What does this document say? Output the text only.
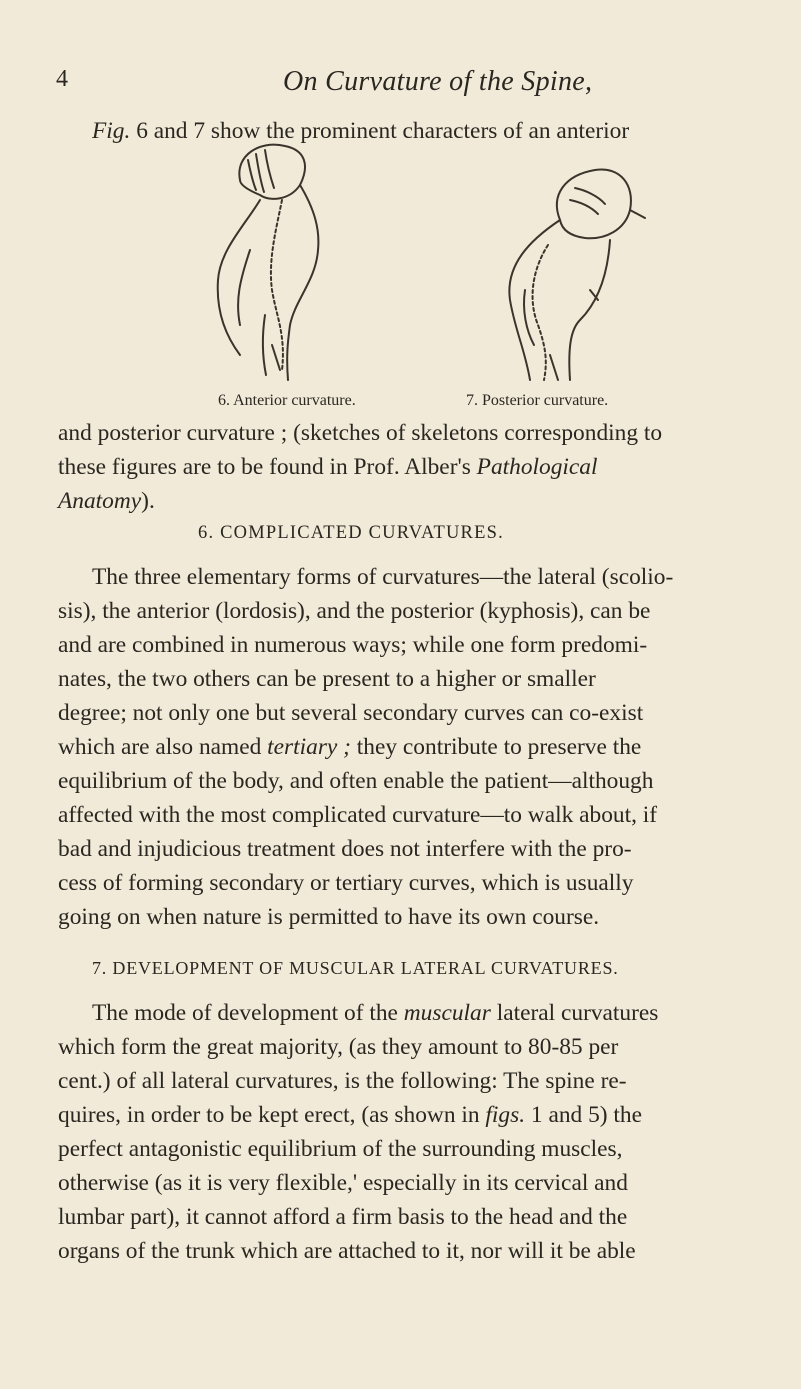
4	On Curvature of the Spine,
Fig. 6 and 7 show the prominent characters of an anterior
6. Anterior curvature.	7. Posterior curvature.
and posterior curvature ; (sketches of skeletons corresponding to
these figures are to be found in Prof. Alber's Pathological
Anatomy).
6. COMPLICATED CURVATURES.
The three elementary forms of curvatures—the lateral (scolio-
sis), the anterior (lordosis), and the posterior (kyphosis), can be
and are combined in numerous ways; while one form predomi-
nates, the two others can be present to a higher or smaller
degree; not only one but several secondary curves can co-exist
which are also named tertiary ; they contribute to preserve the
equilibrium of the body, and often enable the patient—although
affected with the most complicated curvature—to walk about, if
bad and injudicious treatment does not interfere with the pro-
cess of forming secondary or tertiary curves, which is usually
going on when nature is permitted to have its own course.
7. DEVELOPMENT OF MUSCULAR LATERAL CURVATURES.
The mode of development of the muscular lateral curvatures
which form the great majority, (as they amount to 80-85 per
cent.) of all lateral curvatures, is the following: The spine re-
quires, in order to be kept erect, (as shown in figs. 1 and 5) the
perfect antagonistic equilibrium of the surrounding muscles,
otherwise (as it is very flexible,' especially in its cervical and
lumbar part), it cannot afford a firm basis to the head and the
organs of the trunk which are attached to it, nor will it be able
